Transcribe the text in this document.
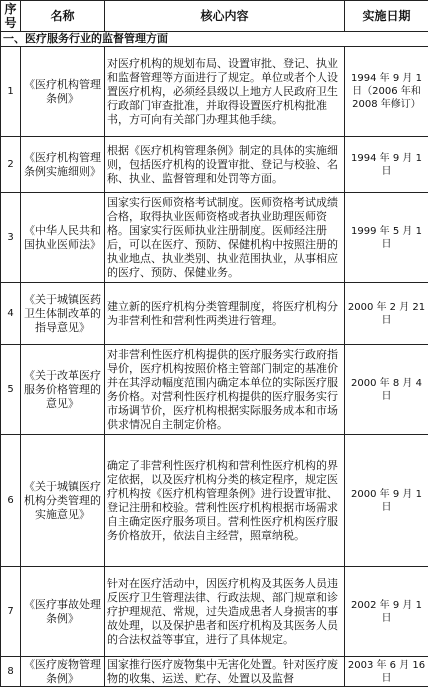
序号	名称	核心内容	实施日期
一、医疗服务行业的监督管理方面			
1	《医疗机构管理条例》	对医疗机构的规划布局、设置审批、登记、执业和监督管理等方面进行了规定。单位或者个人设置医疗机构，必须经县级以上地方人民政府卫生行政部门审查批准，并取得设置医疗机构批准书，方可向有关部门办理其他手续。	1994 年 9 月 1 日（2006 年和 2008 年修订）
2	《医疗机构管理条例实施细则》	根据《医疗机构管理条例》制定的具体的实施细则，包括医疗机构的设置审批、登记与校验、名称、执业、监督管理和处罚等方面。	1994 年 9 月 1 日
3	《中华人民共和国执业医师法》	国家实行医师资格考试制度。医师资格考试成绩合格，取得执业医师资格或者执业助理医师资格。国家实行医师执业注册制度。医师经注册后，可以在医疗、预防、保健机构中按照注册的执业地点、执业类别、执业范围执业，从事相应的医疗、预防、保健业务。	1999 年 5 月 1 日
4	《关于城镇医药卫生体制改革的指导意见》	建立新的医疗机构分类管理制度，将医疗机构分为非营利性和营利性两类进行管理。	2000 年 2 月 21 日
5	《关于改革医疗服务价格管理的意见》	对非营利性医疗机构提供的医疗服务实行政府指导价，医疗机构按照价格主管部门制定的基准价并在其浮动幅度范围内确定本单位的实际医疗服务价格。对营利性医疗机构提供的医疗服务实行市场调节价，医疗机构根据实际服务成本和市场供求情况自主制定价格。	2000 年 8 月 4 日
6	《关于城镇医疗机构分类管理的实施意见》	确定了非营利性医疗机构和营利性医疗机构的界定依据，以及医疗机构分类的核定程序，规定医疗机构按《医疗机构管理条例》进行设置审批、登记注册和校验。营利性医疗机构根据市场需求自主确定医疗服务项目。营利性医疗机构医疗服务价格放开，依法自主经营，照章纳税。	2000 年 9 月 1 日
7	《医疗事故处理条例》	针对在医疗活动中，因医疗机构及其医务人员违反医疗卫生管理法律、行政法规、部门规章和诊疗护理规范、常规，过失造成患者人身损害的事故处理，以及保护患者和医疗机构及其医务人员的合法权益等事宜，进行了具体规定。	2002 年 9 月 1 日
8	《医疗废物管理条例》	国家推行医疗废物集中无害化处置。针对医疗废物的收集、运送、贮存、处置以及监督	2003 年 6 月 16 日
